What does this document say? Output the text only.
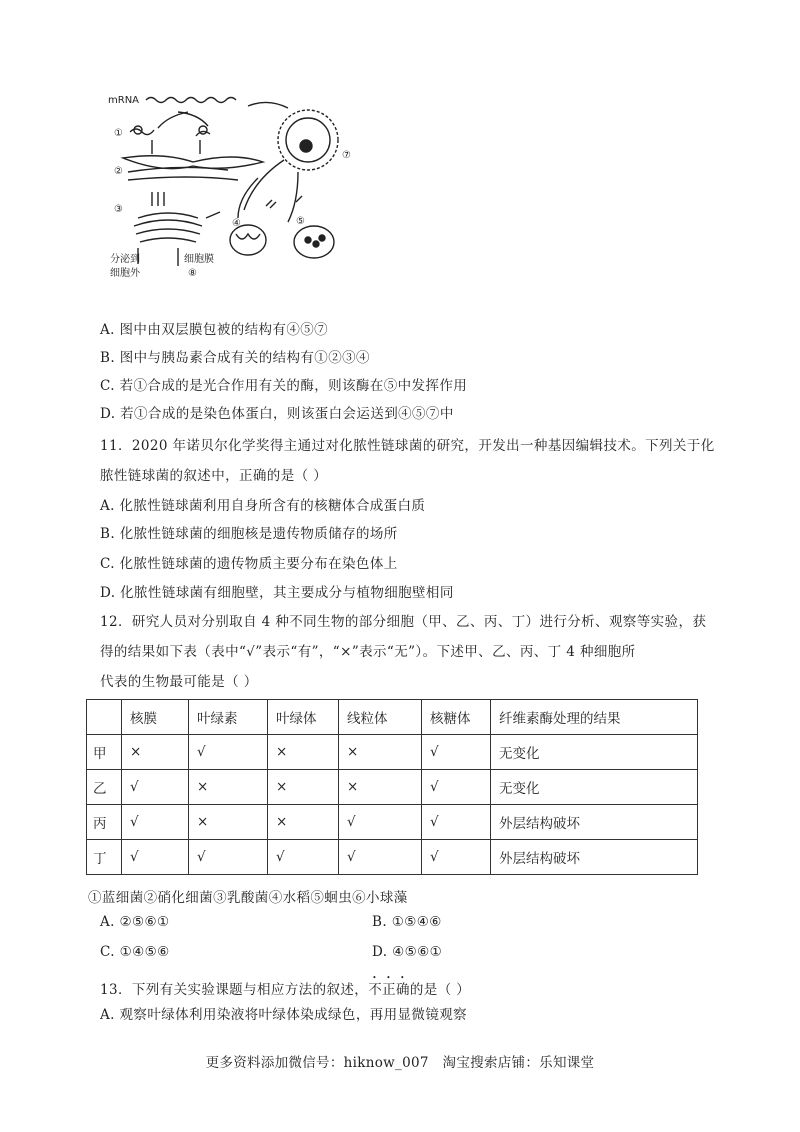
mRNA
①
②
③
④	⑤
⑦
⑧
分泌到
细胞外
细胞膜
A. 图中由双层膜包被的结构有④⑤⑦
B. 图中与胰岛素合成有关的结构有①②③④
C. 若①合成的是光合作用有关的酶，则该酶在⑤中发挥作用
D. 若①合成的是染色体蛋白，则该蛋白会运送到④⑤⑦中
11．2020 年诺贝尔化学奖得主通过对化脓性链球菌的研究，开发出一种基因编辑技术。下列关于化
脓性链球菌的叙述中，正确的是（ ）
A. 化脓性链球菌利用自身所含有的核糖体合成蛋白质
B. 化脓性链球菌的细胞核是遗传物质储存的场所
C. 化脓性链球菌的遗传物质主要分布在染色体上
D. 化脓性链球菌有细胞壁，其主要成分与植物细胞壁相同
12．研究人员对分别取自 4 种不同生物的部分细胞（甲、乙、丙、丁）进行分析、观察等实验，获
得的结果如下表（表中“√”表示“有”，“×”表示“无”）。下述甲、乙、丙、丁 4 种细胞所
代表的生物最可能是（ ）
	核膜	叶绿素	叶绿体	线粒体	核糖体	纤维素酶处理的结果
甲	×	√	×	×	√	无变化
乙	√	×	×	×	√	无变化
丙	√	×	×	√	√	外层结构破坏
丁	√	√	√	√	√	外层结构破坏
①蓝细菌②硝化细菌③乳酸菌④水稻⑤蛔虫⑥小球藻
A. ②⑤⑥①	B. ①⑤④⑥
C. ①④⑤⑥	D. ④⑤⑥①
13．下列有关实验课题与相应方法的叙述，不正确的是（ ）
A. 观察叶绿体利用染液将叶绿体染成绿色，再用显微镜观察
更多资料添加微信号：hiknow_007　淘宝搜索店铺：乐知课堂
